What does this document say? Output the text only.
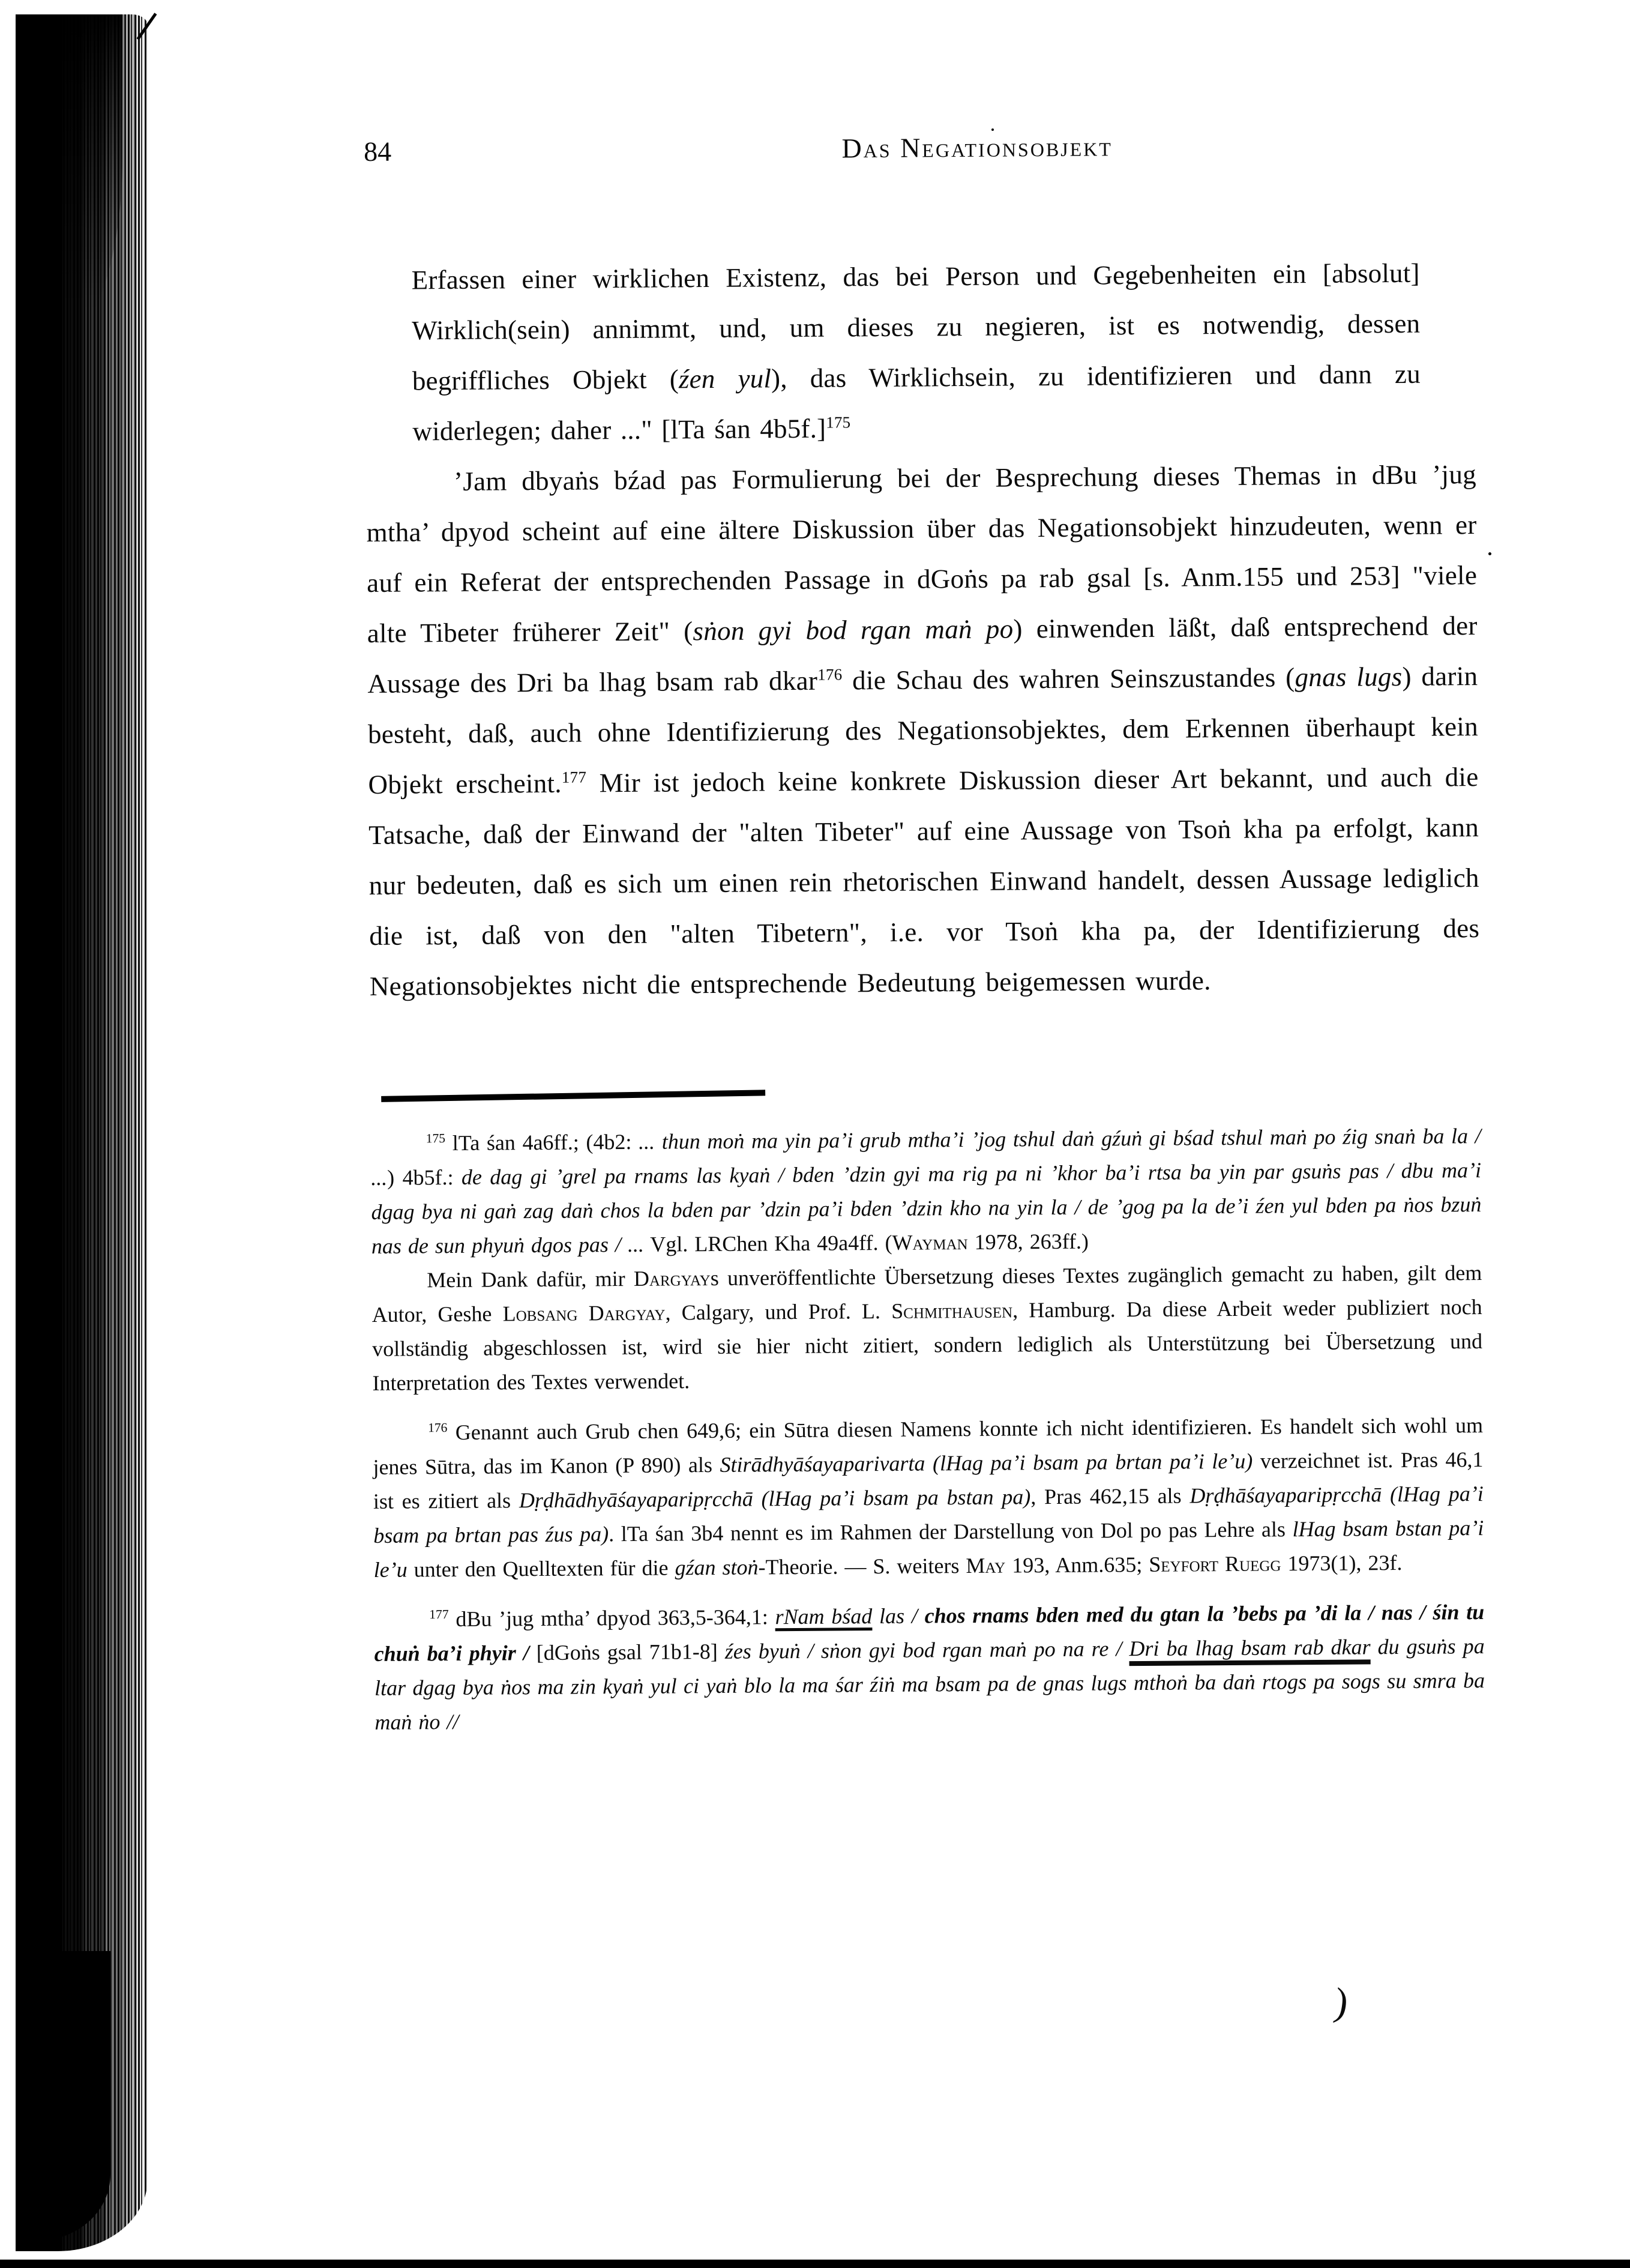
84	Das Negationsobjekt
Erfassen einer wirklichen Existenz, das bei Person und Gegebenheiten ein [absolut] Wirklich(sein) annimmt, und, um dieses zu negieren, ist es notwendig, dessen begriffliches Objekt (źen yul), das Wirklichsein, zu identifizieren und dann zu widerlegen; daher ..." [lTa śan 4b5f.]$^{175}$
’Jam dbyaṅs bźad pas Formulierung bei der Besprechung dieses Themas in dBu ’jug mtha’ dpyod scheint auf eine ältere Diskussion über das Negationsobjekt hinzudeuten, wenn er auf ein Referat der entsprechenden Passage in dGoṅs pa rab gsal [s. Anm.155 und 253] "viele alte Tibeter früherer Zeit" (sṅon gyi bod rgan maṅ po) einwenden läßt, daß entsprechend der Aussage des Dri ba lhag bsam rab dkar$^{176}$ die Schau des wahren Seinszustandes (gnas lugs) darin besteht, daß, auch ohne Identifizierung des Negationsobjektes, dem Erkennen überhaupt kein Objekt erscheint.$^{177}$ Mir ist jedoch keine konkrete Diskussion dieser Art bekannt, und auch die Tatsache, daß der Einwand der "alten Tibeter" auf eine Aussage von Tsoṅ kha pa erfolgt, kann nur bedeuten, daß es sich um einen rein rhetorischen Einwand handelt, dessen Aussage lediglich die ist, daß von den "alten Tibetern", i.e. vor Tsoṅ kha pa, der Identifizierung des Negationsobjektes nicht die entsprechende Bedeutung beigemessen wurde.

$^{175}$ lTa śan 4a6ff.; (4b2: ... thun moṅ ma yin pa’i grub mtha’i ’jog tshul daṅ gźuṅ gi bśad tshul maṅ po źig snaṅ ba la / ...) 4b5f.: de dag gi ’grel pa rnams las kyaṅ / bden ’dzin gyi ma rig pa ni ’khor ba’i rtsa ba yin par gsuṅs pas / dbu ma’i dgag bya ni gaṅ zag daṅ chos la bden par ’dzin pa’i bden ’dzin kho na yin la / de ’gog pa la de’i źen yul bden pa ṅos bzuṅ nas de sun phyuṅ dgos pas / ... Vgl. LRChen Kha 49a4ff. (Wayman 1978, 263ff.)

Mein Dank dafür, mir Dargyays unveröffentlichte Übersetzung dieses Textes zugänglich gemacht zu haben, gilt dem Autor, Geshe Lobsang Dargyay, Calgary, und Prof. L. Schmithausen, Hamburg. Da diese Arbeit weder publiziert noch vollständig abgeschlossen ist, wird sie hier nicht zitiert, sondern lediglich als Unterstützung bei Übersetzung und Interpretation des Textes verwendet.

$^{176}$ Genannt auch Grub chen 649,6; ein Sūtra diesen Namens konnte ich nicht identifizieren. Es handelt sich wohl um jenes Sūtra, das im Kanon (P 890) als Stirādhyāśayaparivarta (lHag pa’i bsam pa brtan pa’i le’u) verzeichnet ist. Pras 46,1 ist es zitiert als Dṛḍhādhyāśayaparipṛcchā (lHag pa’i bsam pa bstan pa), Pras 462,15 als Dṛḍhāśayaparipṛcchā (lHag pa’i bsam pa brtan pas źus pa). lTa śan 3b4 nennt es im Rahmen der Darstellung von Dol po pas Lehre als lHag bsam bstan pa’i le’u unter den Quelltexten für die gźan stoṅ-Theorie. — S. weiters May 193, Anm.635; Seyfort Ruegg 1973(1), 23f.

$^{177}$ dBu ’jug mtha’ dpyod 363,5-364,1: rNam bśad las / chos rnams bden med du gtan la ’bebs pa ’di la / nas / śin tu chuṅ ba’i phyir / [dGoṅs gsal 71b1-8] źes byuṅ / sṅon gyi bod rgan maṅ po na re / Dri ba lhag bsam rab dkar du gsuṅs pa ltar dgag bya ṅos ma zin kyaṅ yul ci yaṅ blo la ma śar źiṅ ma bsam pa de gnas lugs mthoṅ ba daṅ rtogs pa sogs su smra ba maṅ ṅo //

)
